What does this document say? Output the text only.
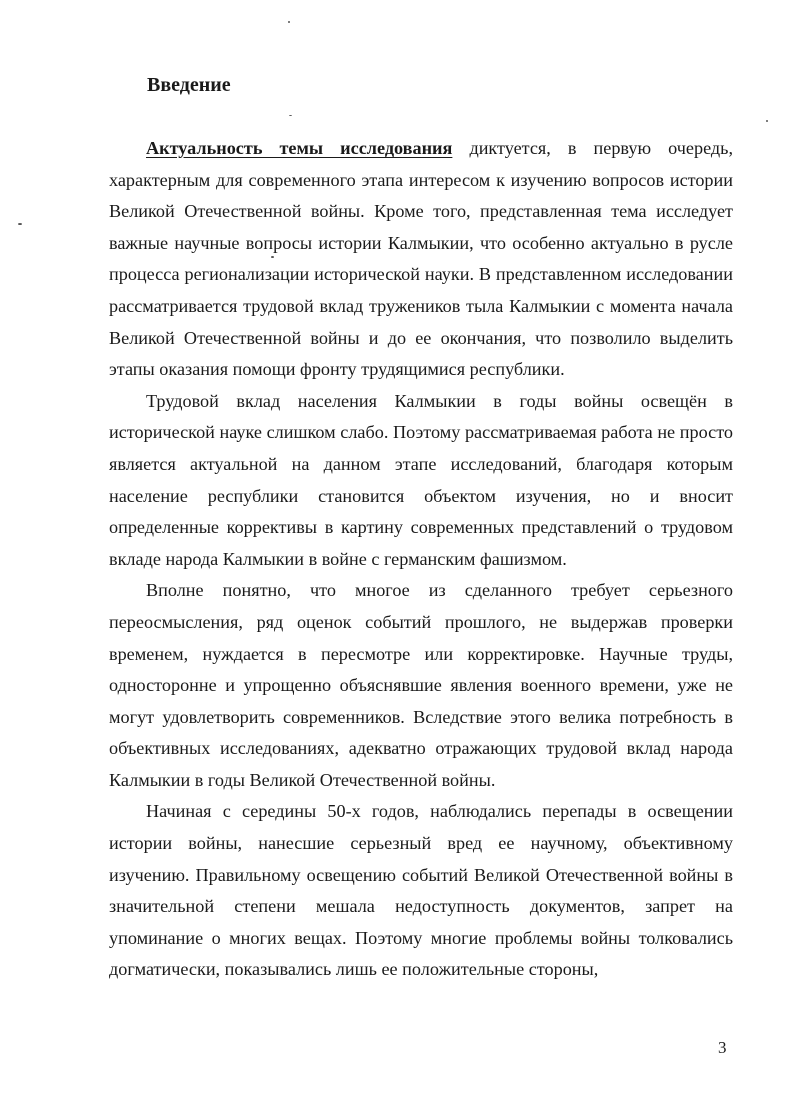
Введение

Актуальность темы исследования диктуется, в первую очередь, характерным для современного этапа интересом к изучению вопросов истории Великой Отечественной войны. Кроме того, представленная тема исследует важные научные вопросы истории Калмыкии, что особенно актуально в русле процесса регионализации исторической науки. В представленном исследовании рассматривается трудовой вклад тружеников тыла Калмыкии с момента начала Великой Отечественной войны и до ее окончания, что позволило выделить этапы оказания помощи фронту трудящимися республики.

Трудовой вклад населения Калмыкии в годы войны освещён в исторической науке слишком слабо. Поэтому рассматриваемая работа не просто является актуальной на данном этапе исследований, благодаря которым население республики становится объектом изучения, но и вносит определенные коррективы в картину современных представлений о трудовом вкладе народа Калмыкии в войне с германским фашизмом.

Вполне понятно, что многое из сделанного требует серьезного переосмысления, ряд оценок событий прошлого, не выдержав проверки временем, нуждается в пересмотре или корректировке. Научные труды, односторонне и упрощенно объяснявшие явления военного времени, уже не могут удовлетворить современников. Вследствие этого велика потребность в объективных исследованиях, адекватно отражающих трудовой вклад народа Калмыкии в годы Великой Отечественной войны.

Начиная с середины 50-х годов, наблюдались перепады в освещении истории войны, нанесшие серьезный вред ее научному, объективному изучению. Правильному освещению событий Великой Отечественной войны в значительной степени мешала недоступность документов, запрет на упоминание о многих вещах. Поэтому многие проблемы войны толковались догматически, показывались лишь ее положительные стороны,

3
